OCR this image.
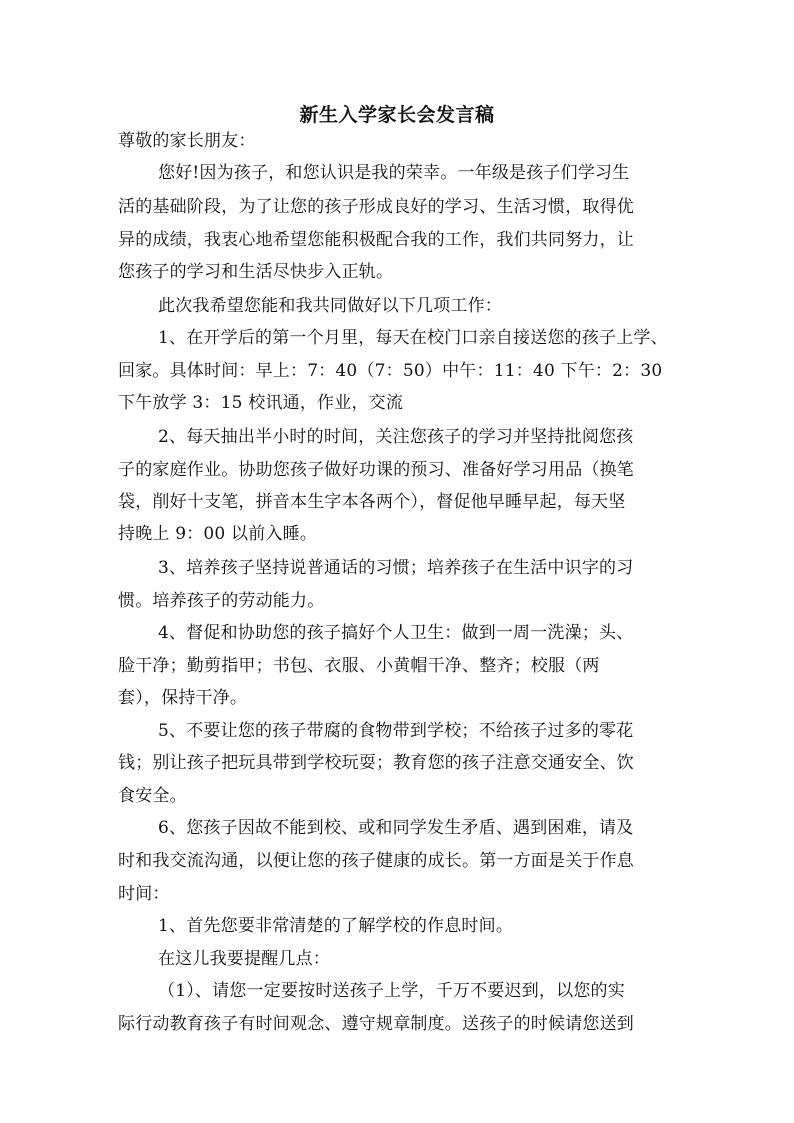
新生入学家长会发言稿
尊敬的家长朋友：
您好!因为孩子，和您认识是我的荣幸。一年级是孩子们学习生
活的基础阶段，为了让您的孩子形成良好的学习、生活习惯，取得优
异的成绩，我衷心地希望您能积极配合我的工作，我们共同努力，让
您孩子的学习和生活尽快步入正轨。
此次我希望您能和我共同做好以下几项工作：
1、在开学后的第一个月里，每天在校门口亲自接送您的孩子上学、
回家。具体时间：早上：7：40（7：50）中午：11：40 下午：2：30
下午放学 3：15 校讯通，作业，交流
2、每天抽出半小时的时间，关注您孩子的学习并坚持批阅您孩
子的家庭作业。协助您孩子做好功课的预习、准备好学习用品（换笔
袋，削好十支笔，拼音本生字本各两个），督促他早睡早起，每天坚
持晚上 9：00 以前入睡。
3、培养孩子坚持说普通话的习惯；培养孩子在生活中识字的习
惯。培养孩子的劳动能力。
4、督促和协助您的孩子搞好个人卫生：做到一周一洗澡；头、
脸干净；勤剪指甲；书包、衣服、小黄帽干净、整齐；校服（两
套），保持干净。
5、不要让您的孩子带腐的食物带到学校；不给孩子过多的零花
钱；别让孩子把玩具带到学校玩耍；教育您的孩子注意交通安全、饮
食安全。
6、您孩子因故不能到校、或和同学发生矛盾、遇到困难，请及
时和我交流沟通，以便让您的孩子健康的成长。第一方面是关于作息
时间：
1、首先您要非常清楚的了解学校的作息时间。
在这儿我要提醒几点：
（1）、请您一定要按时送孩子上学，千万不要迟到，以您的实
际行动教育孩子有时间观念、遵守规章制度。送孩子的时候请您送到
